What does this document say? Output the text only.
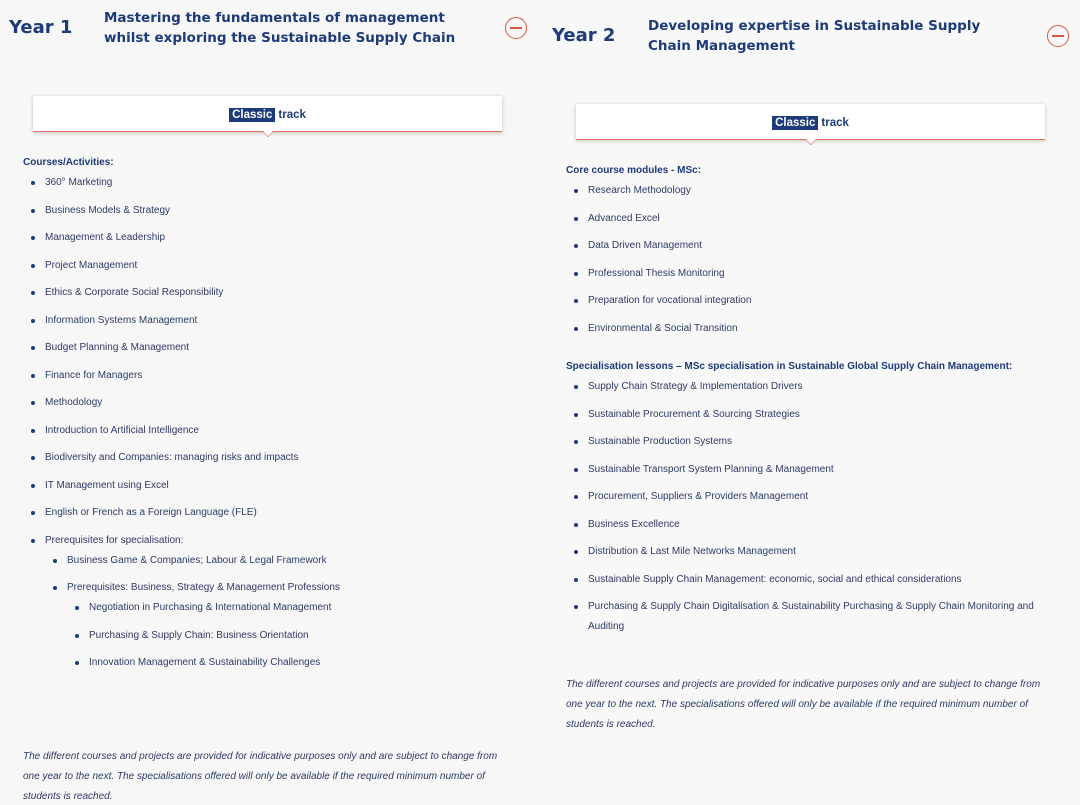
Year 1 Mastering the fundamentals of management whilst exploring the Sustainable Supply Chain
$_{Classic track}$
Courses/Activities:
360° Marketing
Business Models & Strategy
Management & Leadership
Project Management
Ethics & Corporate Social Responsibility
Information Systems Management
Budget Planning & Management
Finance for Managers
Methodology
Introduction to Artificial Intelligence
Biodiversity and Companies: managing risks and impacts
IT Management using Excel
English or French as a Foreign Language (FLE)
Prerequisites for specialisation:
Business Game & Companies; Labour & Legal Framework
Prerequisites: Business, Strategy & Management Professions
Negotiation in Purchasing & International Management
Purchasing & Supply Chain: Business Orientation
Innovation Management & Sustainability Challenges
The different courses and projects are provided for indicative purposes only and are subject to change from one year to the next. The specialisations offered will only be available if the required minimum number of students is reached.
Year 2 Developing expertise in Sustainable Supply Chain Management
$_{Classic track}$
Core course modules - MSc:
Research Methodology
Advanced Excel
Data Driven Management
Professional Thesis Monitoring
Preparation for vocational integration
Environmental & Social Transition
Specialisation lessons – MSc specialisation in Sustainable Global Supply Chain Management:
Supply Chain Strategy & Implementation Drivers
Sustainable Procurement & Sourcing Strategies
Sustainable Production Systems
Sustainable Transport System Planning & Management
Procurement, Suppliers & Providers Management
Business Excellence
Distribution & Last Mile Networks Management
Sustainable Supply Chain Management: economic, social and ethical considerations
Purchasing & Supply Chain Digitalisation & Sustainability Purchasing & Supply Chain Monitoring and Auditing
The different courses and projects are provided for indicative purposes only and are subject to change from one year to the next. The specialisations offered will only be available if the required minimum number of students is reached.
